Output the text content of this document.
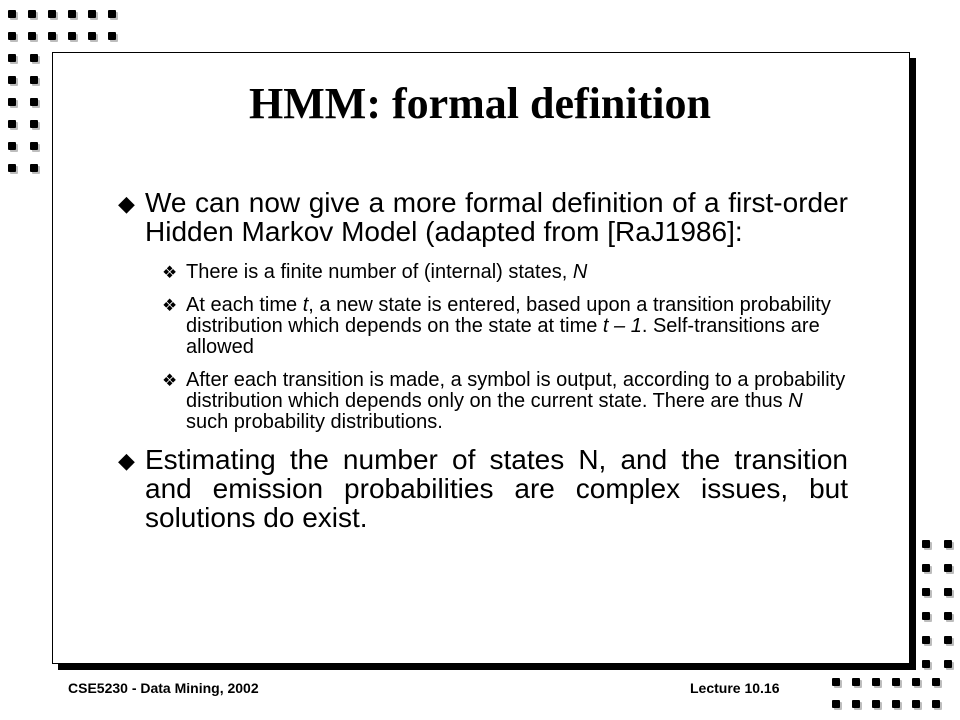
HMM: formal definition
◆
We can now give a more formal definition of a first-order Hidden Markov Model (adapted from [RaJ1986]:
❖
There is a finite number of (internal) states, N
❖
At each time t, a new state is entered, based upon a transition probability distribution which depends on the state at time t – 1. Self-transitions are allowed
❖
After each transition is made, a symbol is output, according to a probability distribution which depends only on the current state. There are thus N such probability distributions.
◆
Estimating the number of states N, and the transition and emission probabilities are complex issues, but solutions do exist.
CSE5230 - Data Mining, 2002	Lecture 10.16
